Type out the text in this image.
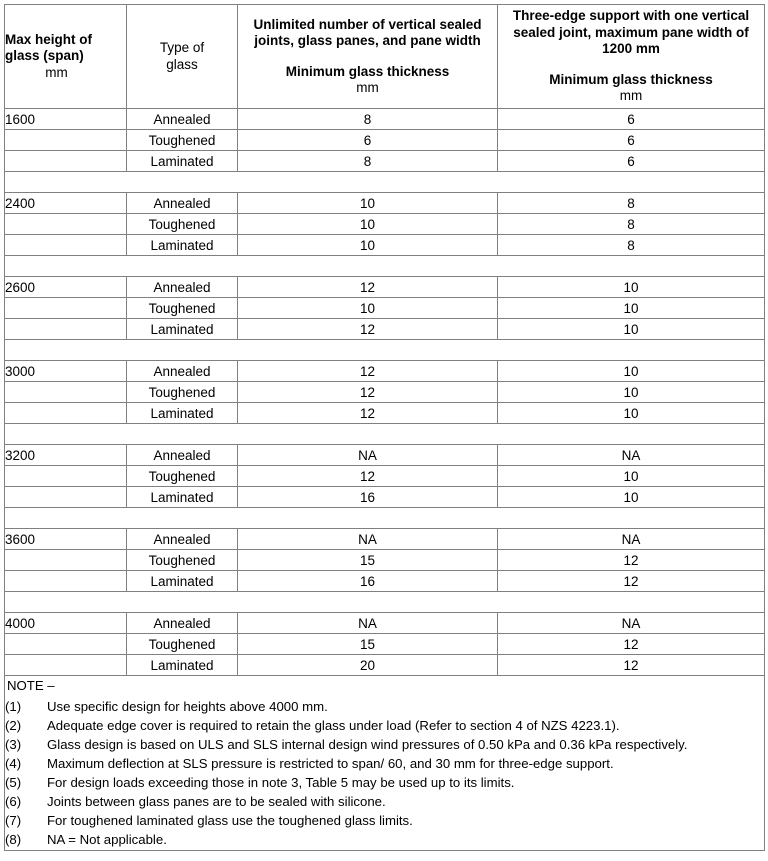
Max height of
glass (span)
mm	Type of
glass	Unlimited number of vertical sealed joints, glass panes, and pane width
Minimum glass thickness
mm	Three-edge support with one vertical sealed joint, maximum pane width of 1200 mm
Minimum glass thickness
mm

1600	Annealed	8	6
	Toughened	6	6
	Laminated	8	6

2400	Annealed	10	8
	Toughened	10	8
	Laminated	10	8

2600	Annealed	12	10
	Toughened	10	10
	Laminated	12	10

3000	Annealed	12	10
	Toughened	12	10
	Laminated	12	10

3200	Annealed	NA	NA
	Toughened	12	10
	Laminated	16	10

3600	Annealed	NA	NA
	Toughened	15	12
	Laminated	16	12

4000	Annealed	NA	NA
	Toughened	15	12
	Laminated	20	12

NOTE –
(1)	Use specific design for heights above 4000 mm.
(2)	Adequate edge cover is required to retain the glass under load (Refer to section 4 of NZS 4223.1).
(3)	Glass design is based on ULS and SLS internal design wind pressures of 0.50 kPa and 0.36 kPa respectively.
(4)	Maximum deflection at SLS pressure is restricted to span/ 60, and 30 mm for three-edge support.
(5)	For design loads exceeding those in note 3, Table 5 may be used up to its limits.
(6)	Joints between glass panes are to be sealed with silicone.
(7)	For toughened laminated glass use the toughened glass limits.
(8)	NA = Not applicable.
